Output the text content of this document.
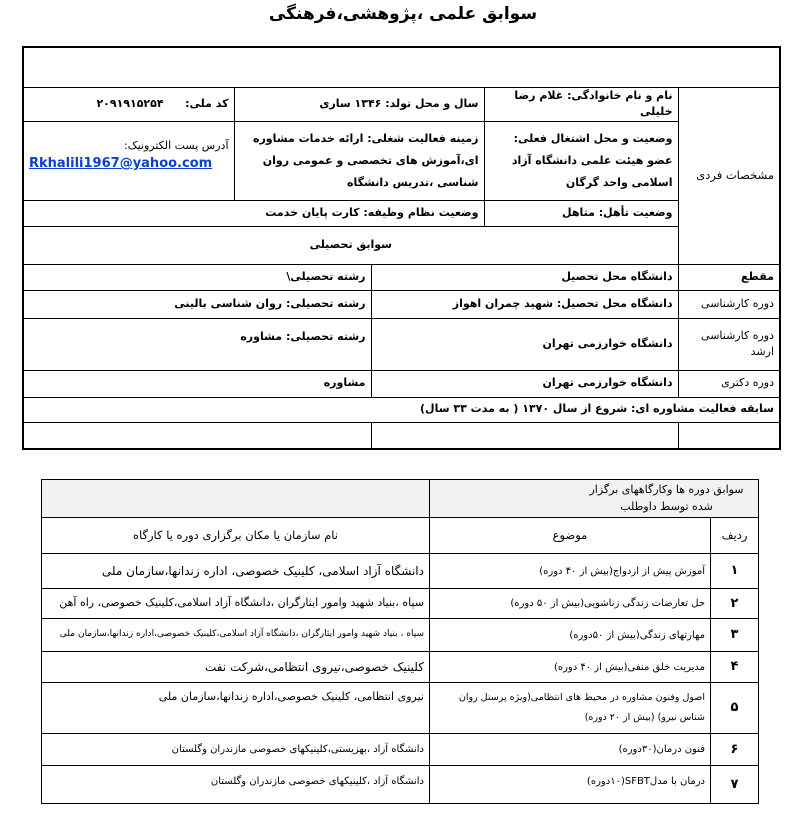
سوابق علمی ،پژوهشی،فرهنگی

مشخصات فردی	نام و نام خانوادگی: غلام رضا خلیلی	سال و محل تولد: ۱۳۴۶ ساری		کد ملی: ۲۰۹۱۹۱۵۲۵۴
	وضعیت و محل اشتغال فعلی: عضو هیئت علمی دانشگاه آزاد اسلامی واحد گرگان	زمینه فعالیت شغلی: ارائه خدمات مشاوره ای،آموزش های تخصصی و عمومی روان شناسی ،تدریس دانشگاه		آدرس پست الکترونیک:
Rkhalili1967@yahoo.com

	وضعیت تأهل: متاهل	وضعیت نظام وظیفه: کارت پایان خدمت		
	سوابق تحصیلی			
مقطع	دانشگاه محل تحصیل		رشته تحصیلی\	
دوره کارشناسی	دانشگاه محل تحصیل: شهید چمران اهواز		رشته تحصیلی: روان شناسی بالینی	
دوره کارشناسی ارشد	دانشگاه خوارزمی تهران		رشته تحصیلی: مشاوره	
دوره دکتری	دانشگاه خوارزمی تهران		مشاوره	
سابقه فعالیت مشاوره ای: شروع از سال ۱۳۷۰ ( به مدت ۳۳ سال)				

سوابق دوره ها وکارگاههای برگزار شده توسط داوطلب		
ردیف	موضوع	نام سازمان یا مکان برگزاری دوره یا کارگاه
۱	آموزش پیش از ازدواج(بیش از ۴۰ دوره)	دانشگاه آزاد اسلامی، کلینیک خصوصی، اداره زندانها،سازمان ملی
۲	حل تعارضات زندگی زناشویی(بیش از ۵۰ دوره)	سپاه ،بنیاد شهید وامور ایثارگران ،دانشگاه آزاد اسلامی،کلینیک خصوصی، راه آهن
۳	مهارتهای زندگی(بیش از ۵۰دوره)	سپاه ، بنیاد شهید وامور ایثارگران ،دانشگاه آزاد اسلامی،کلینیک خصوصی،اداره زندانها،سازمان ملی
۴	مدیریت خلق منفی(بیش از ۴۰ دوره)	کلینیک خصوصی،نیروی انتظامی،شرکت نفت
۵	اصول وفنون مشاوره در محیط های انتظامی(ویژه پرسنل روان شناس نیرو) (بیش از ۲۰ دوره)	نیروی انتظامی، کلینیک خصوصی،اداره زندانها،سازمان ملی
۶	فنون درمان(۳۰دوره)	دانشگاه آزاد ،بهزیستی،کلینیکهای خصوصی مازندران وگلستان
۷	درمان با مدلSFBT(۱۰دوره)	دانشگاه آزاد ،کلینیکهای خصوصی مازندران وگلستان
